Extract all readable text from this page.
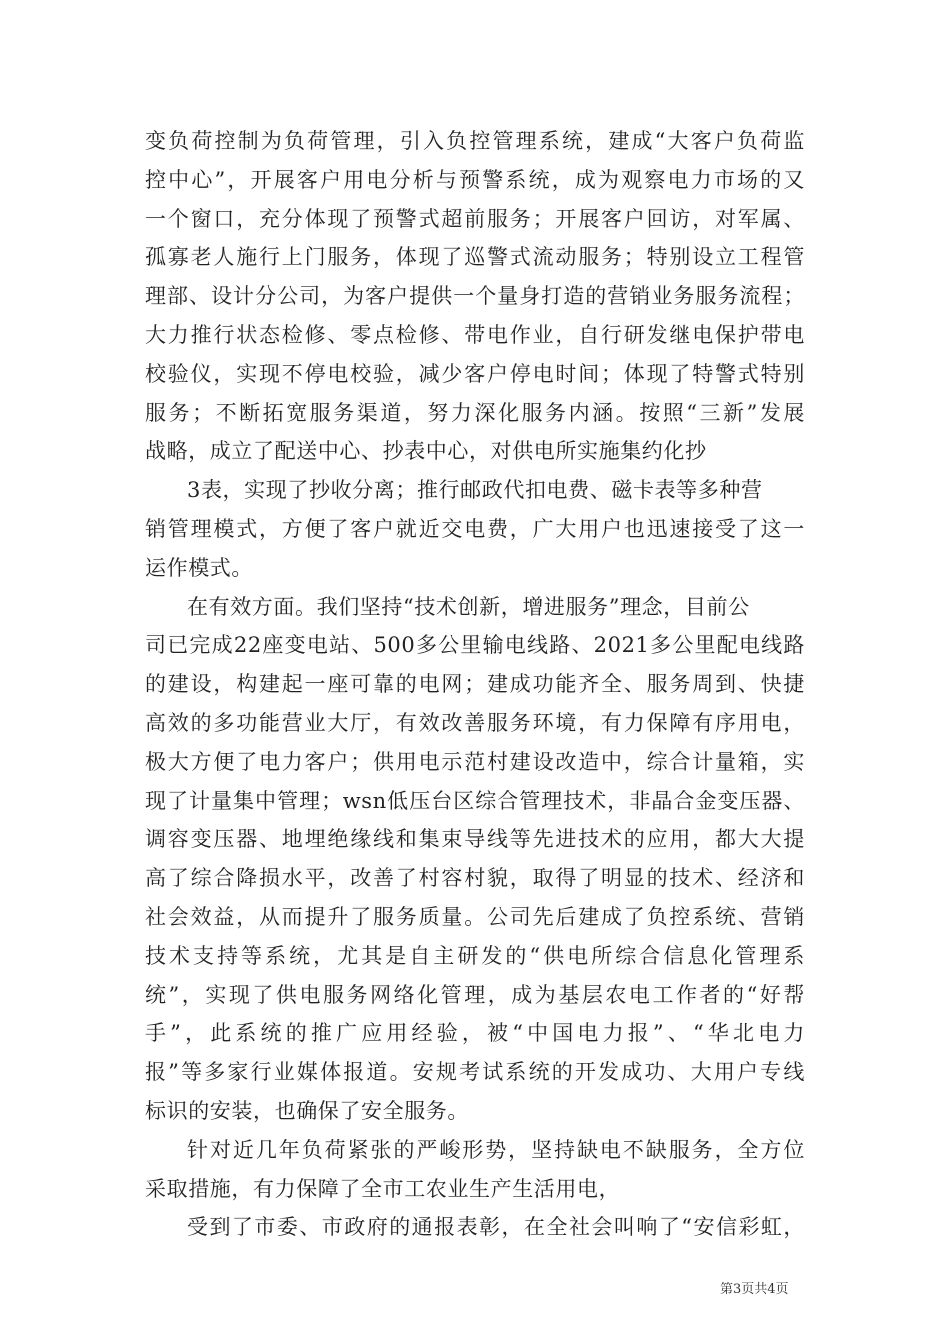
变负荷控制为负荷管理，引入负控管理系统，建成“大客户负荷监
控中心”，开展客户用电分析与预警系统，成为观察电力市场的又
一个窗口，充分体现了预警式超前服务；开展客户回访，对军属、
孤寡老人施行上门服务，体现了巡警式流动服务；特别设立工程管
理部、设计分公司，为客户提供一个量身打造的营销业务服务流程；
大力推行状态检修、零点检修、带电作业，自行研发继电保护带电
校验仪，实现不停电校验，减少客户停电时间；体现了特警式特别
服务；不断拓宽服务渠道，努力深化服务内涵。按照“三新”发展
战略，成立了配送中心、抄表中心，对供电所实施集约化抄
3表，实现了抄收分离；推行邮政代扣电费、磁卡表等多种营
销管理模式，方便了客户就近交电费，广大用户也迅速接受了这一
运作模式。
在有效方面。我们坚持“技术创新，增进服务”理念，目前公
司已完成22座变电站、500多公里输电线路、2021多公里配电线路
的建设，构建起一座可靠的电网；建成功能齐全、服务周到、快捷
高效的多功能营业大厅，有效改善服务环境，有力保障有序用电，
极大方便了电力客户；供用电示范村建设改造中，综合计量箱，实
现了计量集中管理；wsn低压台区综合管理技术，非晶合金变压器、
调容变压器、地埋绝缘线和集束导线等先进技术的应用，都大大提
高了综合降损水平，改善了村容村貌，取得了明显的技术、经济和
社会效益，从而提升了服务质量。公司先后建成了负控系统、营销
技术支持等系统，尤其是自主研发的“供电所综合信息化管理系
统”，实现了供电服务网络化管理，成为基层农电工作者的“好帮
手”，此系统的推广应用经验，被“中国电力报”、“华北电力
报”等多家行业媒体报道。安规考试系统的开发成功、大用户专线
标识的安装，也确保了安全服务。
针对近几年负荷紧张的严峻形势，坚持缺电不缺服务，全方位
采取措施，有力保障了全市工农业生产生活用电，
受到了市委、市政府的通报表彰，在全社会叫响了“安信彩虹，
第3页共4页
